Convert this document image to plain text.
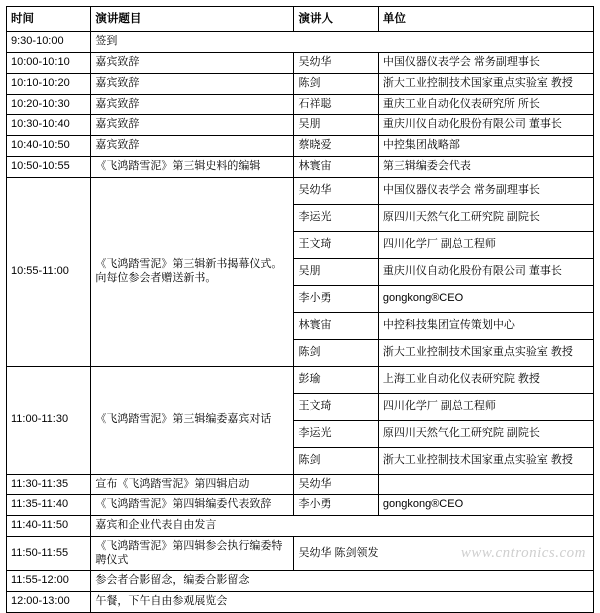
时间	演讲题目	演讲人	单位
9:30-10:00	签到		
10:00-10:10	嘉宾致辞	吴幼华	中国仪器仪表学会 常务副理事长
10:10-10:20	嘉宾致辞	陈剑	浙大工业控制技术国家重点实验室 教授
10:20-10:30	嘉宾致辞	石祥聪	重庆工业自动化仪表研究所 所长
10:30-10:40	嘉宾致辞	吴朋	重庆川仪自动化股份有限公司 董事长
10:40-10:50	嘉宾致辞	蔡晓爱	中控集团战略部
10:50-10:55	《飞鸿踏雪泥》第三辑史料的编辑	林寰宙	第三辑编委会代表
10:55-11:00	《飞鸿踏雪泥》第三辑新书揭幕仪式。向每位参会者赠送新书。	吴幼华	中国仪器仪表学会 常务副理事长
		李运光	原四川天然气化工研究院 副院长
		王文琦	四川化学厂 副总工程师
		吴朋	重庆川仪自动化股份有限公司 董事长
		李小勇	gongkong®CEO
		林寰宙	中控科技集团宣传策划中心
		陈剑	浙大工业控制技术国家重点实验室 教授
11:00-11:30	《飞鸿踏雪泥》第三辑编委嘉宾对话	彭瑜	上海工业自动化仪表研究院 教授
		王文琦	四川化学厂 副总工程师
		李运光	原四川天然气化工研究院 副院长
		陈剑	浙大工业控制技术国家重点实验室 教授
11:30-11:35	宣布《飞鸿踏雪泥》第四辑启动	吴幼华	
11:35-11:40	《飞鸿踏雪泥》第四辑编委代表致辞	李小勇	gongkong®CEO
11:40-11:50	嘉宾和企业代表自由发言		
11:50-11:55	《飞鸿踏雪泥》第四辑参会执行编委特聘仪式	吴幼华 陈剑领发	
11:55-12:00	参会者合影留念，编委合影留念		
12:00-13:00	午餐，下午自由参观展览会		
www.cntronics.com
